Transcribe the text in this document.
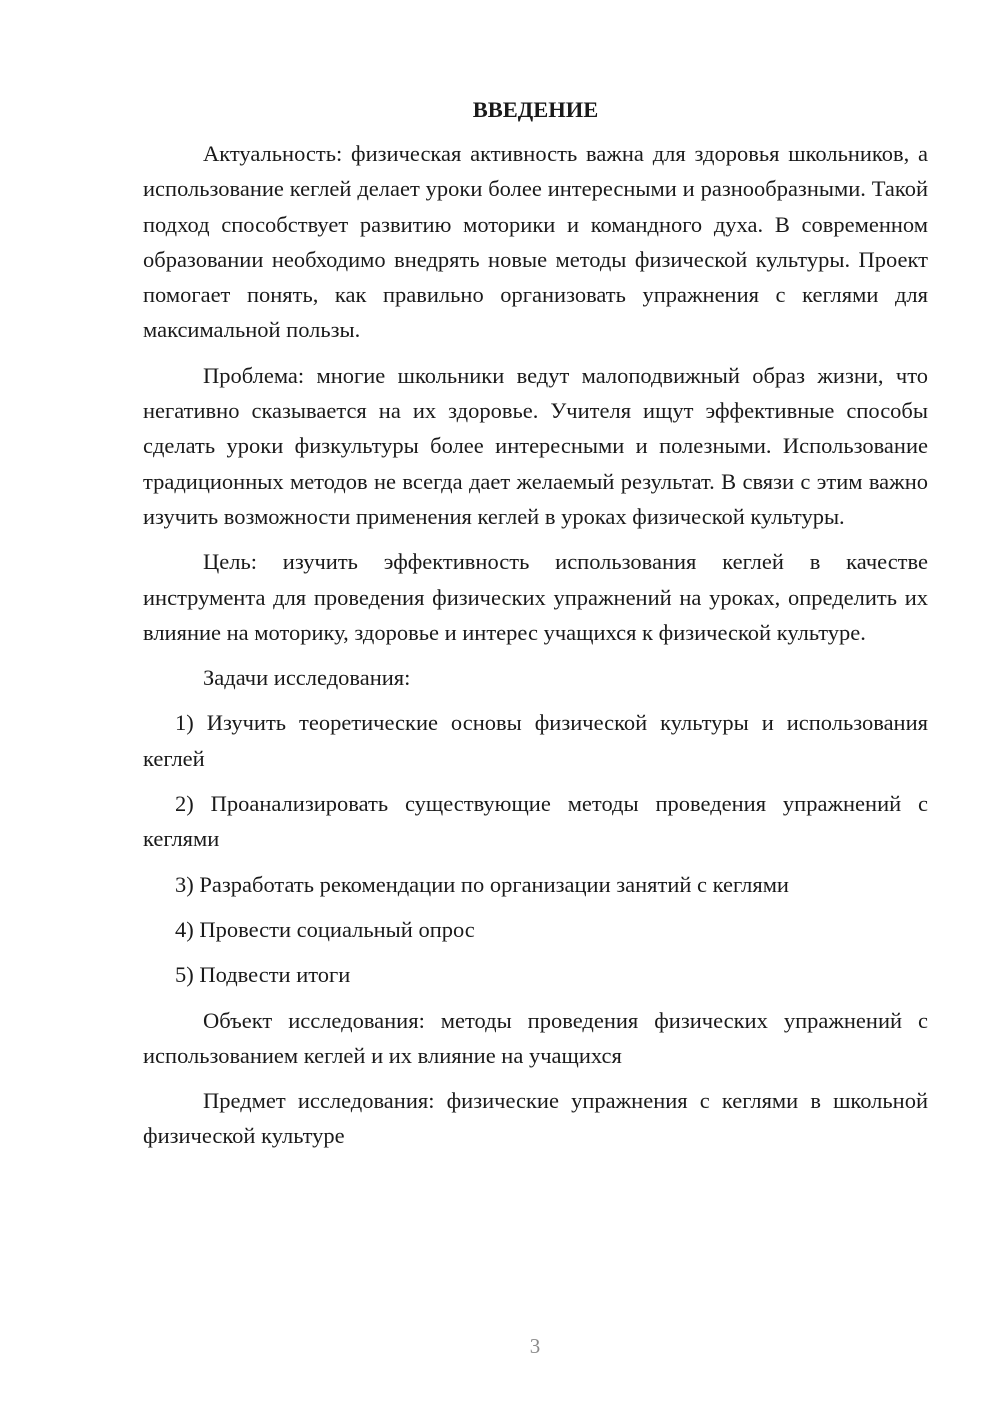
ВВЕДЕНИЕ

Актуальность: физическая активность важна для здоровья школьников, а использование кеглей делает уроки более интересными и разнообразными. Такой подход способствует развитию моторики и командного духа. В современном образовании необходимо внедрять новые методы физической культуры. Проект помогает понять, как правильно организовать упражнения с кеглями для максимальной пользы.

Проблема: многие школьники ведут малоподвижный образ жизни, что негативно сказывается на их здоровье. Учителя ищут эффективные способы сделать уроки физкультуры более интересными и полезными. Использование традиционных методов не всегда дает желаемый результат. В связи с этим важно изучить возможности применения кеглей в уроках физической культуры.

Цель: изучить эффективность использования кеглей в качестве инструмента для проведения физических упражнений на уроках, определить их влияние на моторику, здоровье и интерес учащихся к физической культуре.

Задачи исследования:

1) Изучить теоретические основы физической культуры и использования кеглей

2) Проанализировать существующие методы проведения упражнений с кеглями

3) Разработать рекомендации по организации занятий с кеглями

4) Провести социальный опрос

5) Подвести итоги

Объект исследования: методы проведения физических упражнений с использованием кеглей и их влияние на учащихся

Предмет исследования: физические упражнения с кеглями в школьной физической культуре

3
